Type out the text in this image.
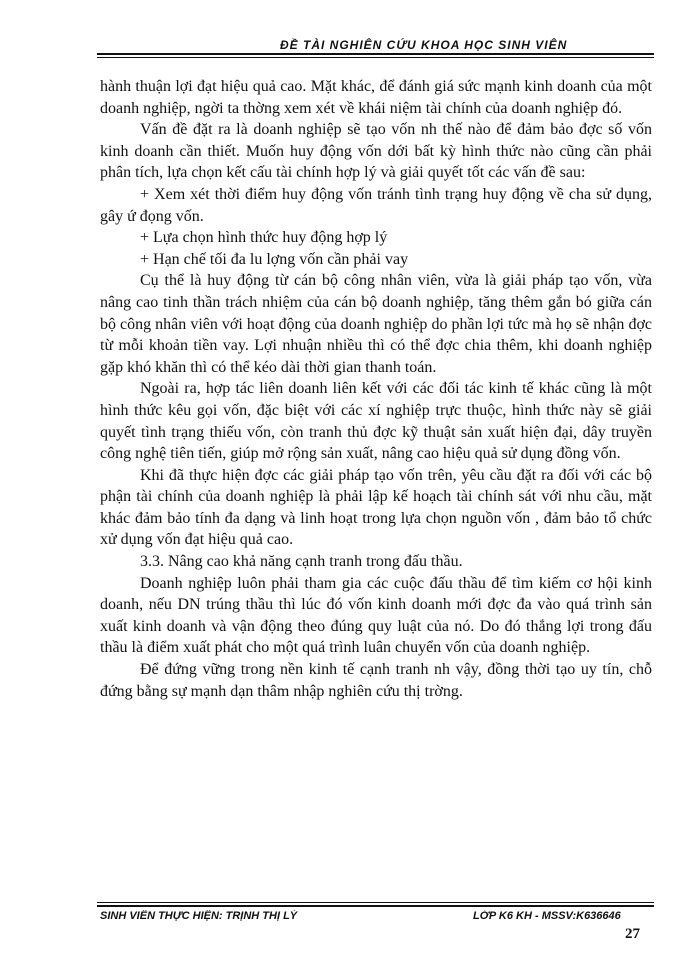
ĐỀ TÀI NGHIÊN CỨU KHOA HỌC SINH VIÊN

hành thuận lợi đạt hiệu quả cao. Mặt khác, để đánh giá sức mạnh kinh doanh của một doanh nghiệp, ngời ta thờng xem xét về khái niệm tài chính của doanh nghiệp đó.

Vấn đề đặt ra là doanh nghiệp sẽ tạo vốn nh thế nào để đảm bảo đợc số vốn kinh doanh cần thiết. Muốn huy động vốn dới bất kỳ hình thức nào cũng cần phải phân tích, lựa chọn kết cấu tài chính hợp lý và giải quyết tốt các vấn đề sau:

+ Xem xét thời điểm huy động vốn tránh tình trạng huy động về cha sử dụng, gây ứ đọng vốn.

+ Lựa chọn hình thức huy động hợp lý

+ Hạn chế tối đa lu lợng vốn cần phải vay

Cụ thể là huy động từ cán bộ công nhân viên, vừa là giải pháp tạo vốn, vừa nâng cao tinh thần trách nhiệm của cán bộ doanh nghiệp, tăng thêm gắn bó giữa cán bộ công nhân viên với hoạt động của doanh nghiệp do phần lợi tức mà họ sẽ nhận đợc từ mỗi khoản tiền vay. Lợi nhuận nhiều thì có thể đợc chia thêm, khi doanh nghiệp gặp khó khăn thì có thể kéo dài thời gian thanh toán.

Ngoài ra, hợp tác liên doanh liên kết với các đối tác kinh tế khác cũng là một hình thức kêu gọi vốn, đặc biệt với các xí nghiệp trực thuộc, hình thức này sẽ giải quyết tình trạng thiếu vốn, còn tranh thủ đợc kỹ thuật sản xuất hiện đại, dây truyền công nghệ tiên tiến, giúp mở rộng sản xuất, nâng cao hiệu quả sử dụng đồng vốn.

Khi đã thực hiện đợc các giải pháp tạo vốn trên, yêu cầu đặt ra đối với các bộ phận tài chính của doanh nghiệp là phải lập kế hoạch tài chính sát với nhu cầu, mặt khác đảm bảo tính đa dạng và linh hoạt trong lựa chọn nguồn vốn , đảm bảo tổ chức xử dụng vốn đạt hiệu quả cao.

3.3. Nâng cao khả năng cạnh tranh trong đấu thầu.

Doanh nghiệp luôn phải tham gia các cuộc đấu thầu để tìm kiếm cơ hội kinh doanh, nếu DN trúng thầu thì lúc đó vốn kinh doanh mới đợc đa vào quá trình sản xuất kinh doanh và vận động theo đúng quy luật của nó. Do đó thắng lợi trong đấu thầu là điểm xuất phát cho một quá trình luân chuyển vốn của doanh nghiệp.

Để đứng vững trong nền kinh tế cạnh tranh nh vậy, đồng thời tạo uy tín, chỗ đứng bằng sự mạnh dạn thâm nhập nghiên cứu thị trờng.

SINH VIÊN THỰC HIỆN: TRỊNH THỊ LÝ	LỚP K6 KH - MSSV:K636646
27
